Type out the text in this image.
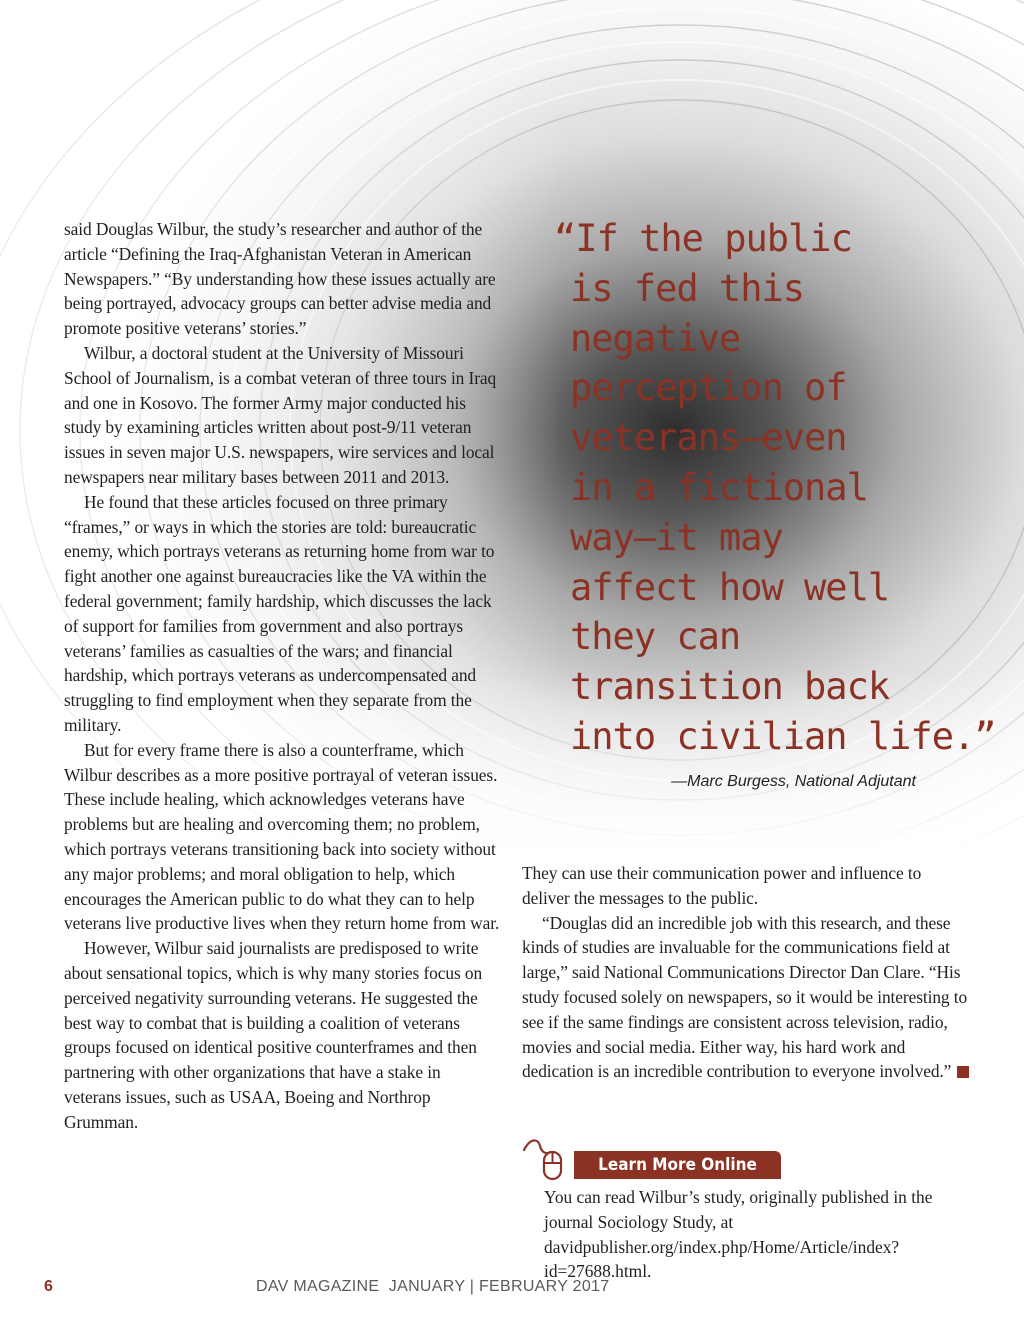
said Douglas Wilbur, the study’s researcher and author of the article “Defining the Iraq-Afghanistan Veteran in American Newspapers.” “By understanding how these issues actually are being portrayed, advocacy groups can better advise media and promote positive veterans’ stories.”

Wilbur, a doctoral student at the University of Missouri School of Journalism, is a combat veteran of three tours in Iraq and one in Kosovo. The former Army major conducted his study by examining articles written about post-9/11 veteran issues in seven major U.S. newspapers, wire services and local newspapers near military bases between 2011 and 2013.

He found that these articles focused on three primary “frames,” or ways in which the stories are told: bureaucratic enemy, which portrays veterans as returning home from war to fight another one against bureaucracies like the VA within the federal government; family hardship, which discusses the lack of support for families from government and also portrays veterans’ families as casualties of the wars; and financial hardship, which portrays veterans as undercompensated and struggling to find employment when they separate from the military.

But for every frame there is also a counterframe, which Wilbur describes as a more positive portrayal of veteran issues. These include healing, which acknowledges veterans have problems but are healing and overcoming them; no problem, which portrays veterans transitioning back into society without any major problems; and moral obligation to help, which encourages the American public to do what they can to help veterans live productive lives when they return home from war.

However, Wilbur said journalists are predisposed to write about sensational topics, which is why many stories focus on perceived negativity surrounding veterans. He suggested the best way to combat that is building a coalition of veterans groups focused on identical positive counterframes and then partnering with other organizations that have a stake in veterans issues, such as USAA, Boeing and Northrop Grumman.

“If the public
is fed this
negative
perception of
veterans—even
in a fictional
way—it may
affect how well
they can
transition back
into civilian life.”
—Marc Burgess, National Adjutant

They can use their communication power and influence to deliver the messages to the public.

“Douglas did an incredible job with this research, and these kinds of studies are invaluable for the communications field at large,” said National Communications Director Dan Clare. “His study focused solely on newspapers, so it would be interesting to see if the same findings are consistent across television, radio, movies and social media. Either way, his hard work and dedication is an incredible contribution to everyone involved.”

Learn More Online
You can read Wilbur’s study, originally published in the journal Sociology Study, at davidpublisher.org/index.php/Home/Article/index?id=27688.html.
6	DAV MAGAZINE  JANUARY | FEBRUARY 2017
